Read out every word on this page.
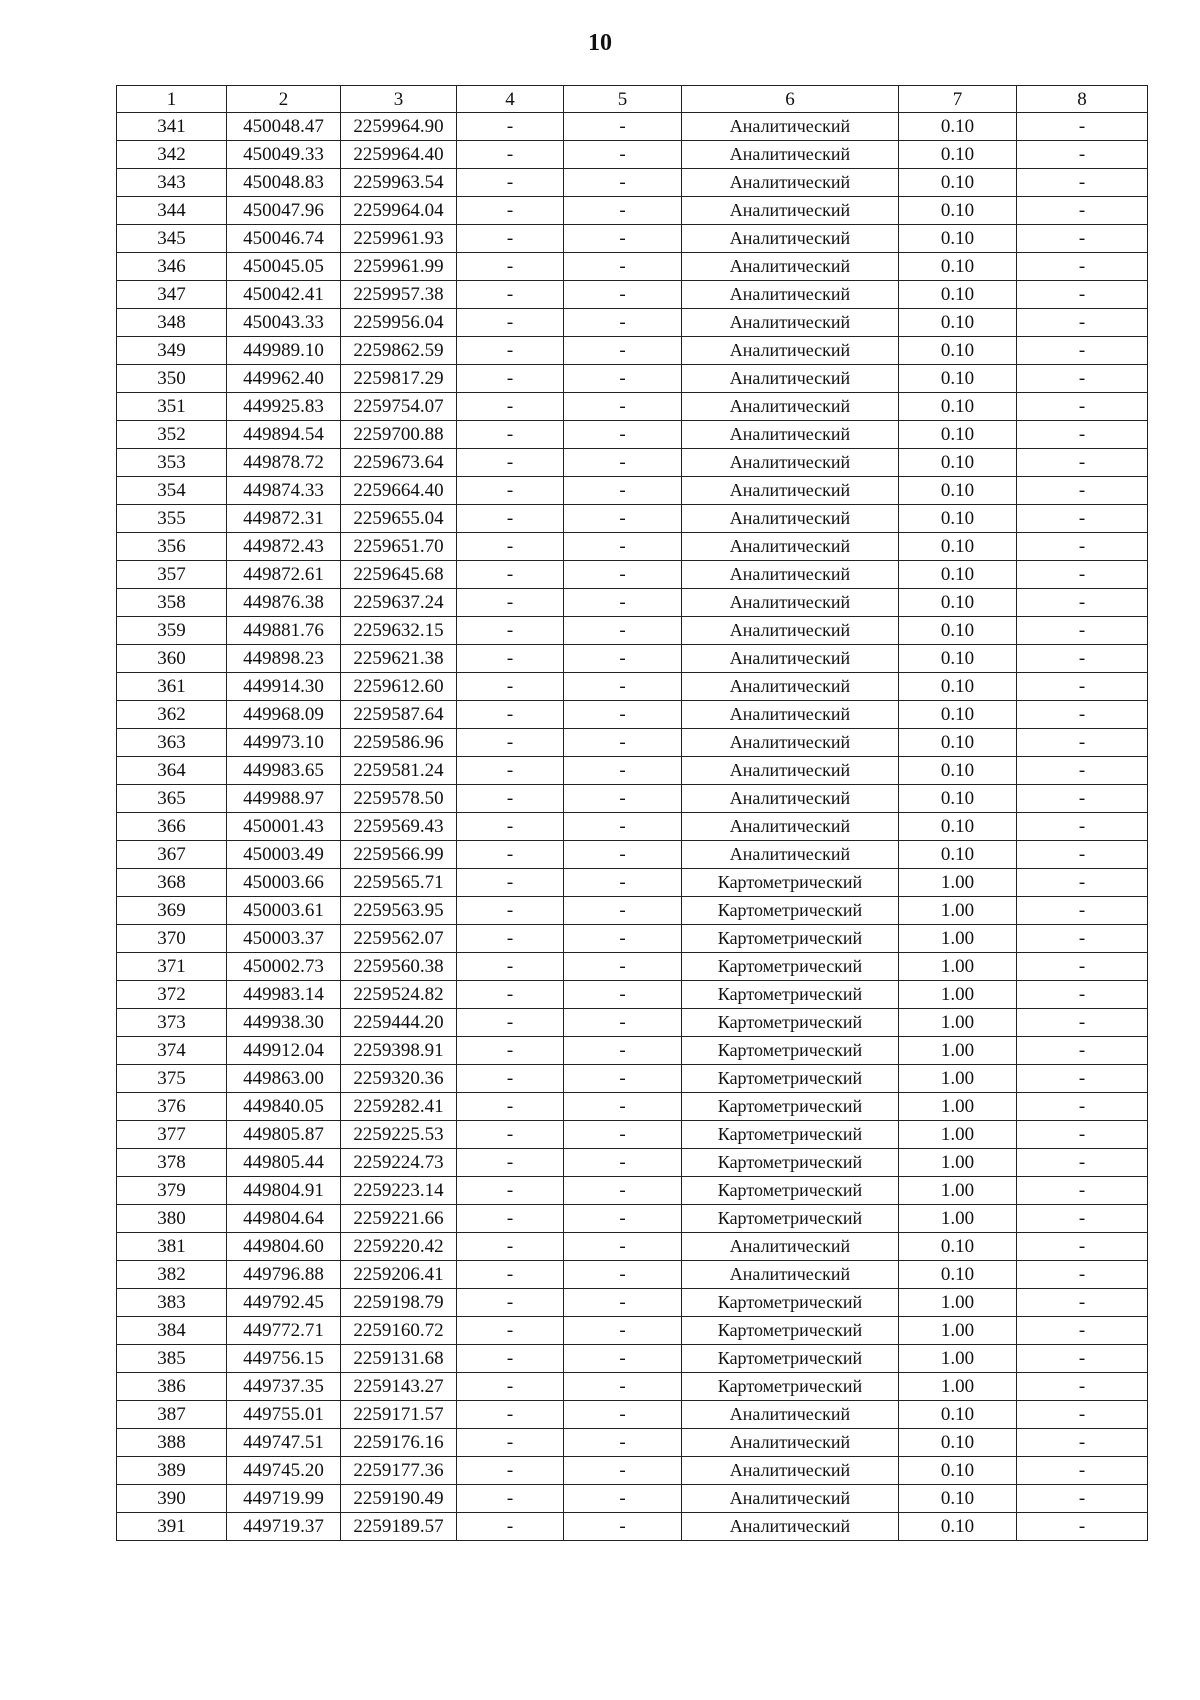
10
1	2	3	4	5	6	7	8
341	450048.47	2259964.90	-	-	Аналитический	0.10	-
342	450049.33	2259964.40	-	-	Аналитический	0.10	-
343	450048.83	2259963.54	-	-	Аналитический	0.10	-
344	450047.96	2259964.04	-	-	Аналитический	0.10	-
345	450046.74	2259961.93	-	-	Аналитический	0.10	-
346	450045.05	2259961.99	-	-	Аналитический	0.10	-
347	450042.41	2259957.38	-	-	Аналитический	0.10	-
348	450043.33	2259956.04	-	-	Аналитический	0.10	-
349	449989.10	2259862.59	-	-	Аналитический	0.10	-
350	449962.40	2259817.29	-	-	Аналитический	0.10	-
351	449925.83	2259754.07	-	-	Аналитический	0.10	-
352	449894.54	2259700.88	-	-	Аналитический	0.10	-
353	449878.72	2259673.64	-	-	Аналитический	0.10	-
354	449874.33	2259664.40	-	-	Аналитический	0.10	-
355	449872.31	2259655.04	-	-	Аналитический	0.10	-
356	449872.43	2259651.70	-	-	Аналитический	0.10	-
357	449872.61	2259645.68	-	-	Аналитический	0.10	-
358	449876.38	2259637.24	-	-	Аналитический	0.10	-
359	449881.76	2259632.15	-	-	Аналитический	0.10	-
360	449898.23	2259621.38	-	-	Аналитический	0.10	-
361	449914.30	2259612.60	-	-	Аналитический	0.10	-
362	449968.09	2259587.64	-	-	Аналитический	0.10	-
363	449973.10	2259586.96	-	-	Аналитический	0.10	-
364	449983.65	2259581.24	-	-	Аналитический	0.10	-
365	449988.97	2259578.50	-	-	Аналитический	0.10	-
366	450001.43	2259569.43	-	-	Аналитический	0.10	-
367	450003.49	2259566.99	-	-	Аналитический	0.10	-
368	450003.66	2259565.71	-	-	Картометрический	1.00	-
369	450003.61	2259563.95	-	-	Картометрический	1.00	-
370	450003.37	2259562.07	-	-	Картометрический	1.00	-
371	450002.73	2259560.38	-	-	Картометрический	1.00	-
372	449983.14	2259524.82	-	-	Картометрический	1.00	-
373	449938.30	2259444.20	-	-	Картометрический	1.00	-
374	449912.04	2259398.91	-	-	Картометрический	1.00	-
375	449863.00	2259320.36	-	-	Картометрический	1.00	-
376	449840.05	2259282.41	-	-	Картометрический	1.00	-
377	449805.87	2259225.53	-	-	Картометрический	1.00	-
378	449805.44	2259224.73	-	-	Картометрический	1.00	-
379	449804.91	2259223.14	-	-	Картометрический	1.00	-
380	449804.64	2259221.66	-	-	Картометрический	1.00	-
381	449804.60	2259220.42	-	-	Аналитический	0.10	-
382	449796.88	2259206.41	-	-	Аналитический	0.10	-
383	449792.45	2259198.79	-	-	Картометрический	1.00	-
384	449772.71	2259160.72	-	-	Картометрический	1.00	-
385	449756.15	2259131.68	-	-	Картометрический	1.00	-
386	449737.35	2259143.27	-	-	Картометрический	1.00	-
387	449755.01	2259171.57	-	-	Аналитический	0.10	-
388	449747.51	2259176.16	-	-	Аналитический	0.10	-
389	449745.20	2259177.36	-	-	Аналитический	0.10	-
390	449719.99	2259190.49	-	-	Аналитический	0.10	-
391	449719.37	2259189.57	-	-	Аналитический	0.10	-
